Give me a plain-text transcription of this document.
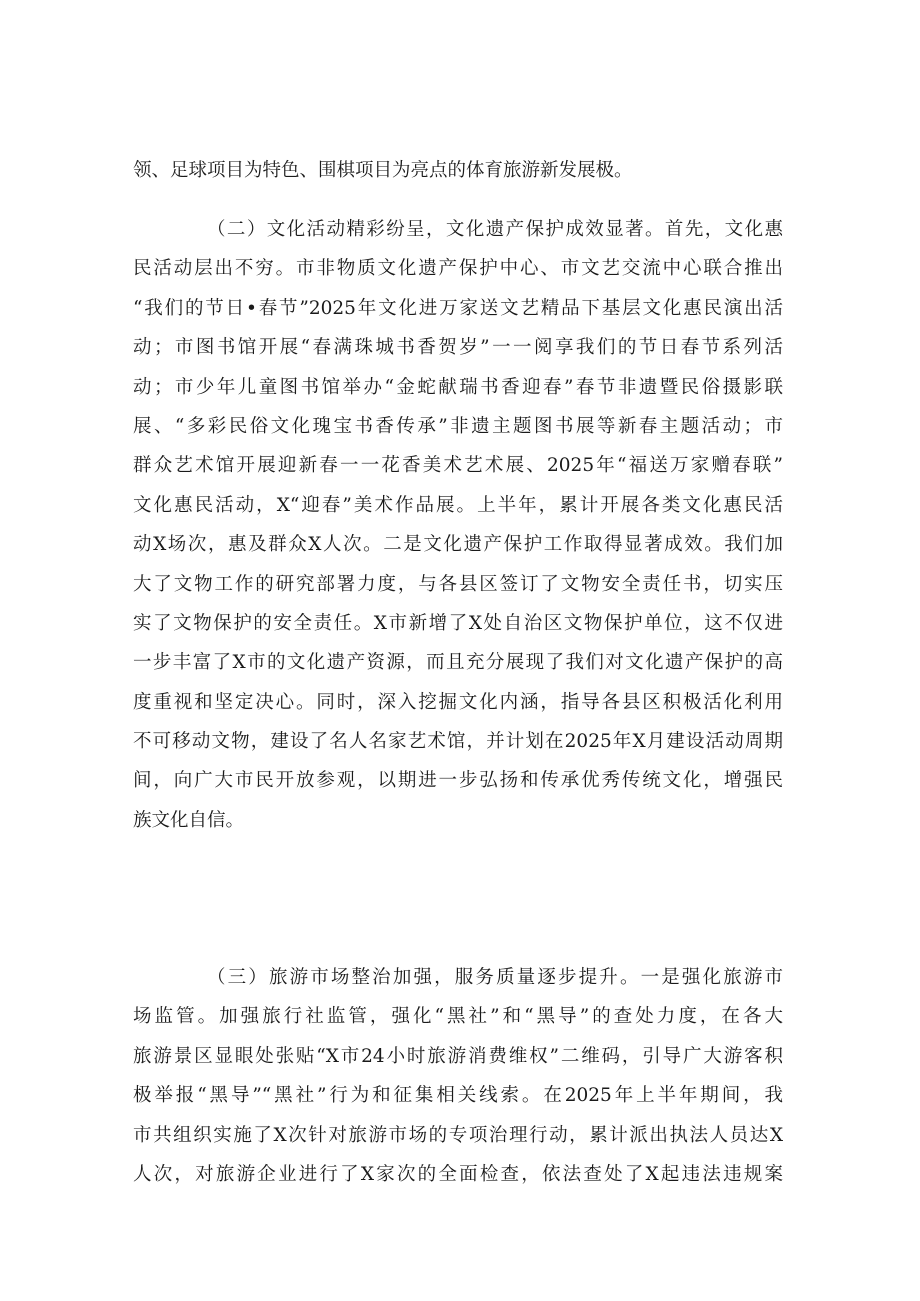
领、足球项目为特色、围棋项目为亮点的体育旅游新发展极。
（二）文化活动精彩纷呈，文化遗产保护成效显著。首先，文化惠
民活动层出不穷。市非物质文化遗产保护中心、市文艺交流中心联合推出
“我们的节日•春节”2025年文化进万家送文艺精品下基层文化惠民演出活
动；市图书馆开展“春满珠城书香贺岁”一一阅享我们的节日春节系列活
动；市少年儿童图书馆举办“金蛇献瑞书香迎春”春节非遗暨民俗摄影联
展、“多彩民俗文化瑰宝书香传承”非遗主题图书展等新春主题活动；市
群众艺术馆开展迎新春一一花香美术艺术展、2025年“福送万家赠春联”
文化惠民活动，X“迎春”美术作品展。上半年，累计开展各类文化惠民活
动X场次，惠及群众X人次。二是文化遗产保护工作取得显著成效。我们加
大了文物工作的研究部署力度，与各县区签订了文物安全责任书，切实压
实了文物保护的安全责任。X市新增了X处自治区文物保护单位，这不仅进
一步丰富了X市的文化遗产资源，而且充分展现了我们对文化遗产保护的高
度重视和坚定决心。同时，深入挖掘文化内涵，指导各县区积极活化利用
不可移动文物，建设了名人名家艺术馆，并计划在2025年X月建设活动周期
间，向广大市民开放参观，以期进一步弘扬和传承优秀传统文化，增强民
族文化自信。
（三）旅游市场整治加强，服务质量逐步提升。一是强化旅游市
场监管。加强旅行社监管，强化“黑社”和“黑导”的查处力度，在各大
旅游景区显眼处张贴“X市24小时旅游消费维权”二维码，引导广大游客积
极举报“黑导”“黑社”行为和征集相关线索。在2025年上半年期间，我
市共组织实施了X次针对旅游市场的专项治理行动，累计派出执法人员达X
人次，对旅游企业进行了X家次的全面检查，依法查处了X起违法违规案
